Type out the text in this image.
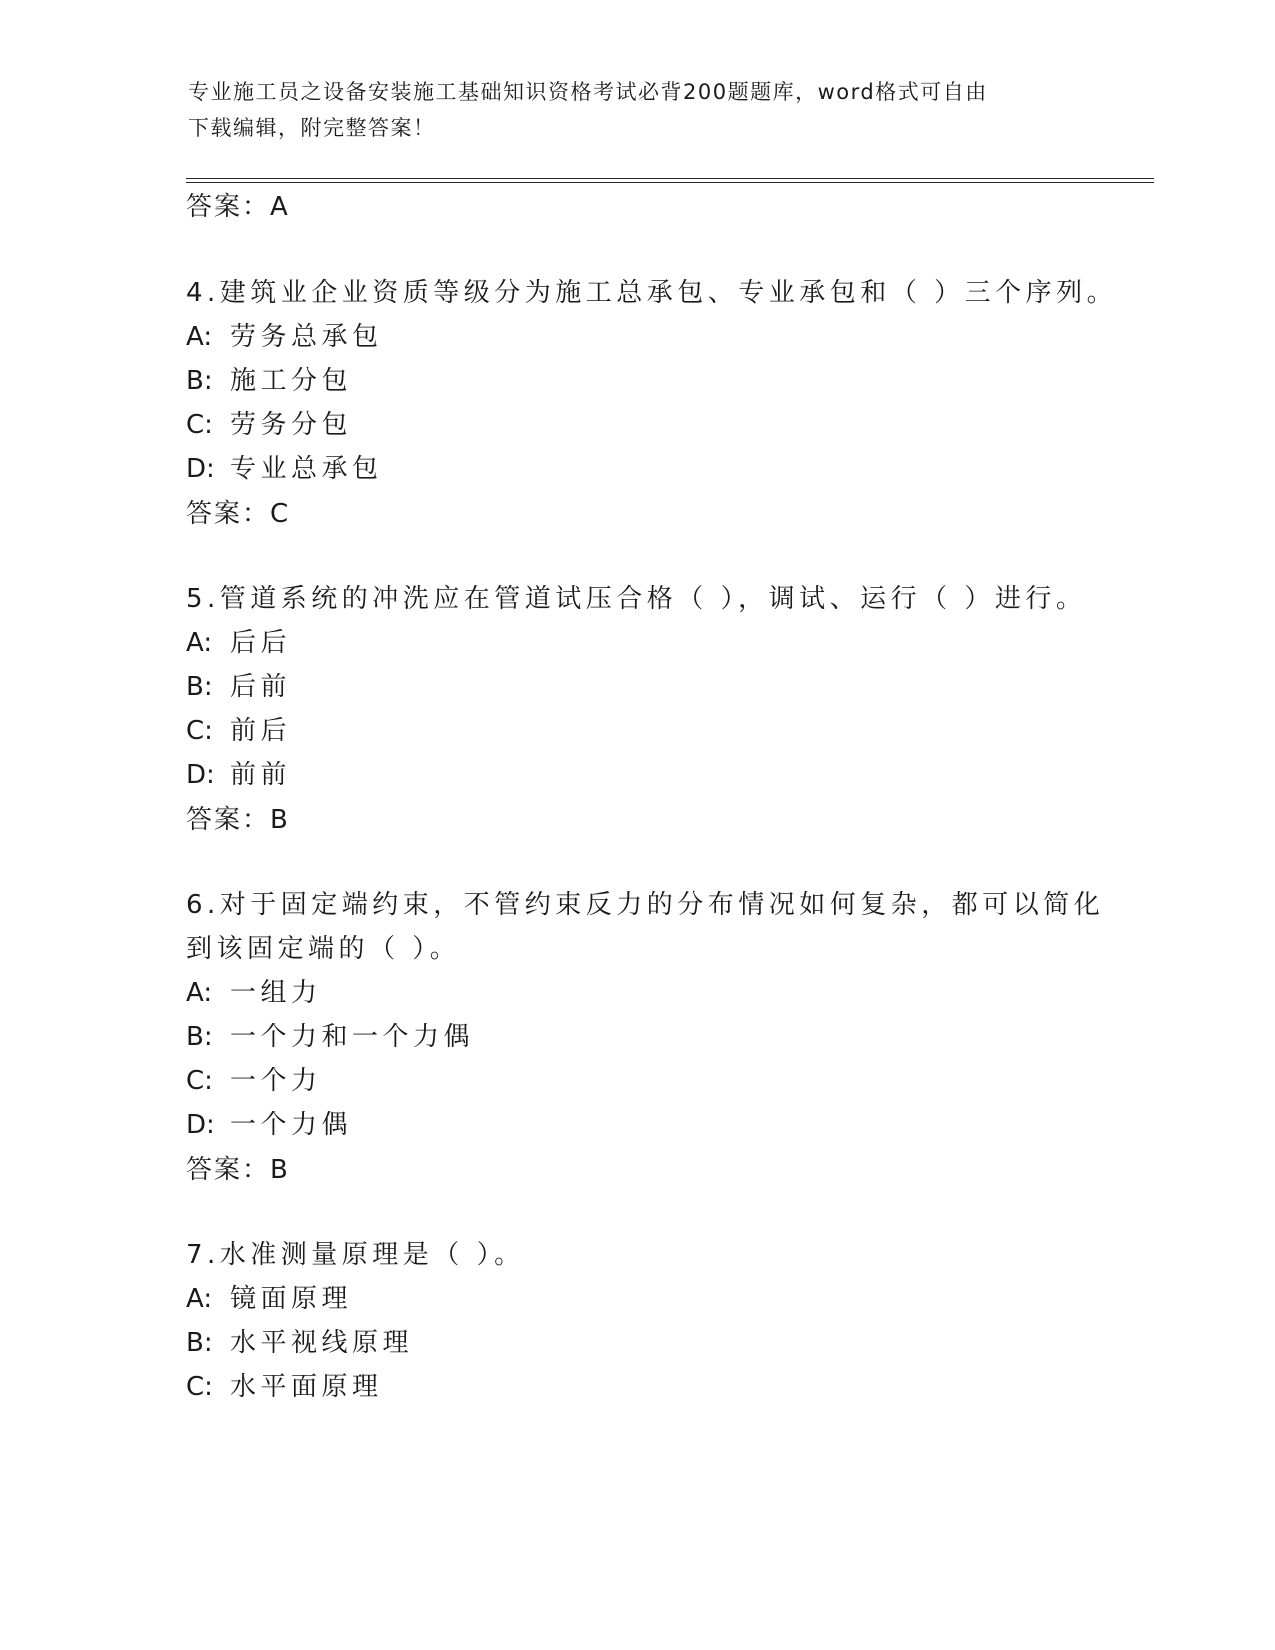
专业施工员之设备安装施工基础知识资格考试必背200题题库，word格式可自由
下载编辑，附完整答案！
答案：A
4.建筑业企业资质等级分为施工总承包、专业承包和（ ）三个序列。
A: 劳务总承包
B: 施工分包
C: 劳务分包
D: 专业总承包
答案：C
5.管道系统的冲洗应在管道试压合格（ ），调试、运行（ ）进行。
A: 后后
B: 后前
C: 前后
D: 前前
答案：B
6.对于固定端约束，不管约束反力的分布情况如何复杂，都可以简化
到该固定端的（ ）。
A: 一组力
B: 一个力和一个力偶
C: 一个力
D: 一个力偶
答案：B
7.水准测量原理是（ ）。
A: 镜面原理
B: 水平视线原理
C: 水平面原理
